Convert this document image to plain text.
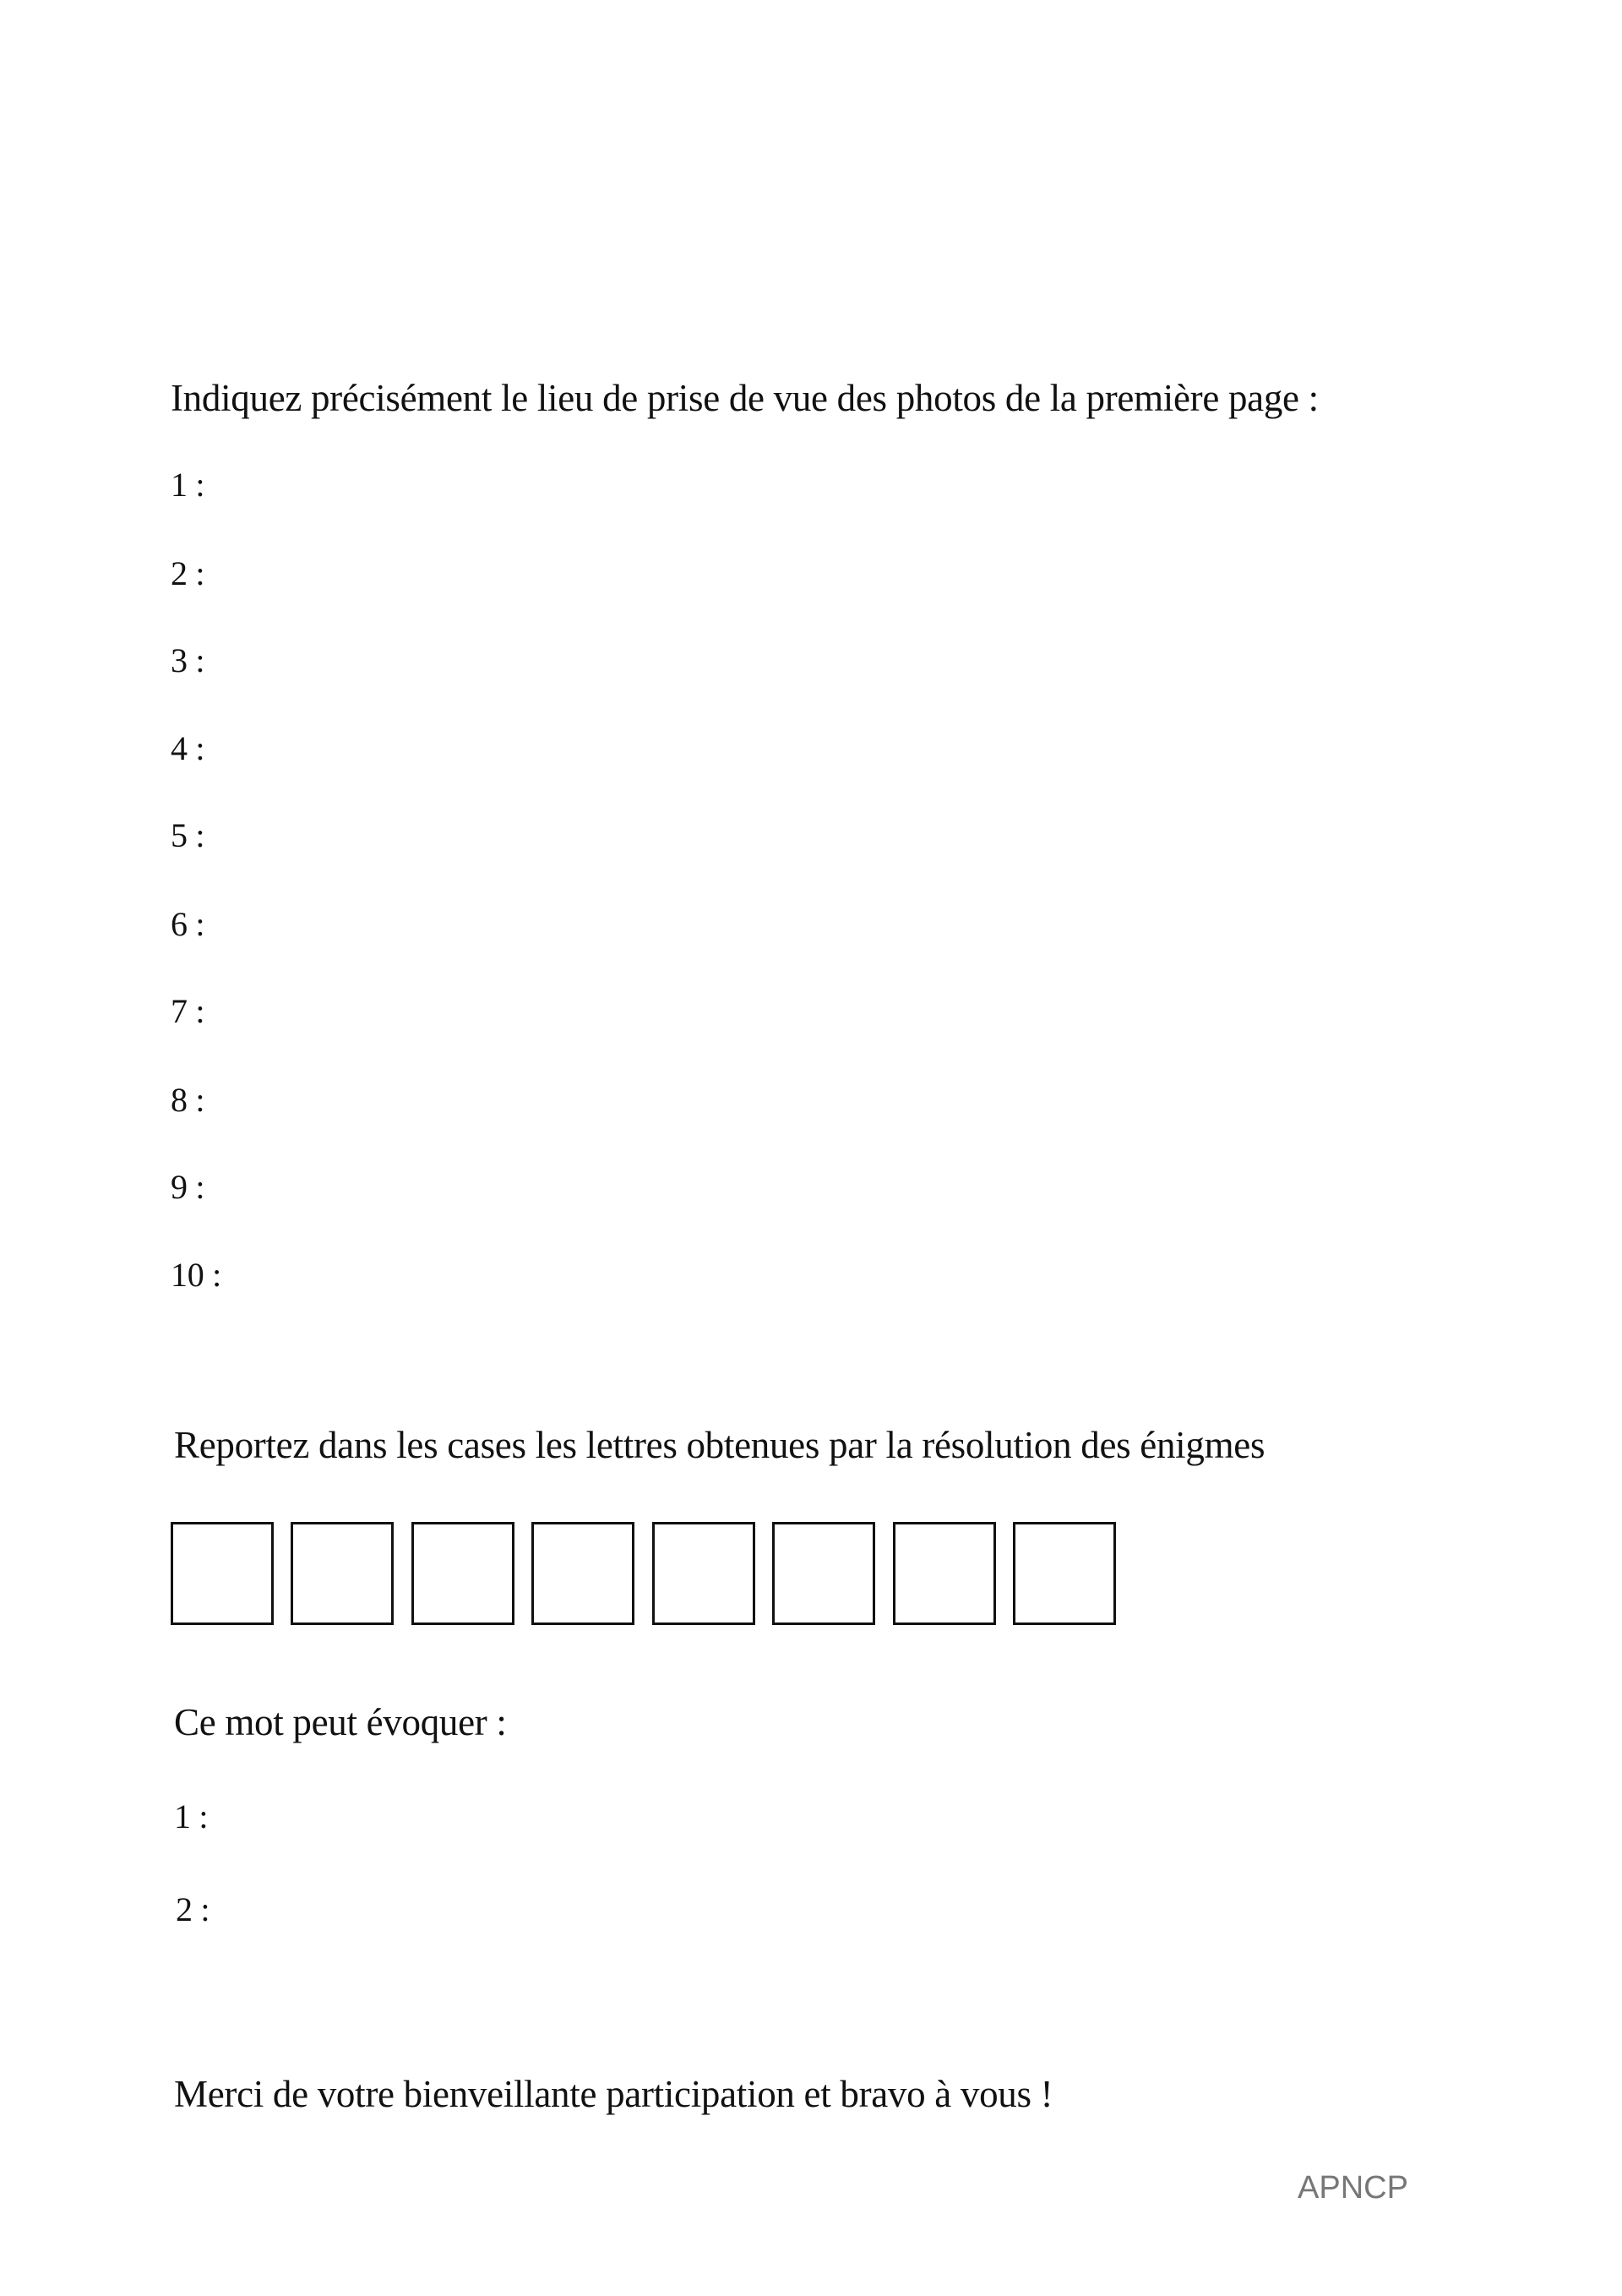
Indiquez précisément le lieu de prise de vue des photos de la première page :
1 :
2 :
3 :
4 :
5 :
6 :
7 :
8 :
9 :
10 :
Reportez dans les cases les lettres obtenues par la résolution des énigmes
Ce mot peut évoquer :
1 :
2 :
Merci de votre bienveillante participation et bravo à vous !
APNCP
